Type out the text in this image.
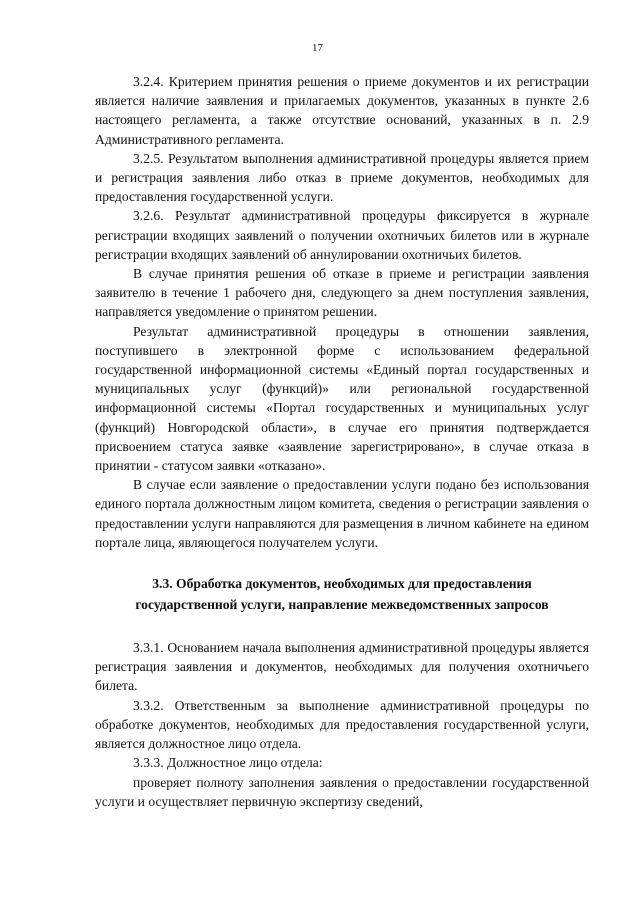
17

3.2.4. Критерием принятия решения о приеме документов и их регистрации является наличие заявления и прилагаемых документов, указанных в пункте 2.6 настоящего регламента, а также отсутствие оснований, указанных в п. 2.9 Административного регламента.

3.2.5. Результатом выполнения административной процедуры является прием и регистрация заявления либо отказ в приеме документов, необходимых для предоставления государственной услуги.

3.2.6. Результат административной процедуры фиксируется в журнале регистрации входящих заявлений о получении охотничьих билетов или в журнале регистрации входящих заявлений об аннулировании охотничьих билетов.

В случае принятия решения об отказе в приеме и регистрации заявления заявителю в течение 1 рабочего дня, следующего за днем поступления заявления, направляется уведомление о принятом решении.

Результат административной процедуры в отношении заявления, поступившего в электронной форме с использованием федеральной государственной информационной системы «Единый портал государственных и муниципальных услуг (функций)» или региональной государственной информационной системы «Портал государственных и муниципальных услуг (функций) Новгородской области», в случае его принятия подтверждается присвоением статуса заявке «заявление зарегистрировано», в случае отказа в принятии - статусом заявки «отказано».

В случае если заявление о предоставлении услуги подано без использования единого портала должностным лицом комитета, сведения о регистрации заявления о предоставлении услуги направляются для размещения в личном кабинете на едином портале лица, являющегося получателем услуги.

3.3. Обработка документов, необходимых для предоставления
государственной услуги, направление межведомственных запросов

3.3.1. Основанием начала выполнения административной процедуры является регистрация заявления и документов, необходимых для получения охотничьего билета.

3.3.2. Ответственным за выполнение административной процедуры по обработке документов, необходимых для предоставления государственной услуги, является должностное лицо отдела.

3.3.3. Должностное лицо отдела:

проверяет полноту заполнения заявления о предоставлении государственной услуги и осуществляет первичную экспертизу сведений,
